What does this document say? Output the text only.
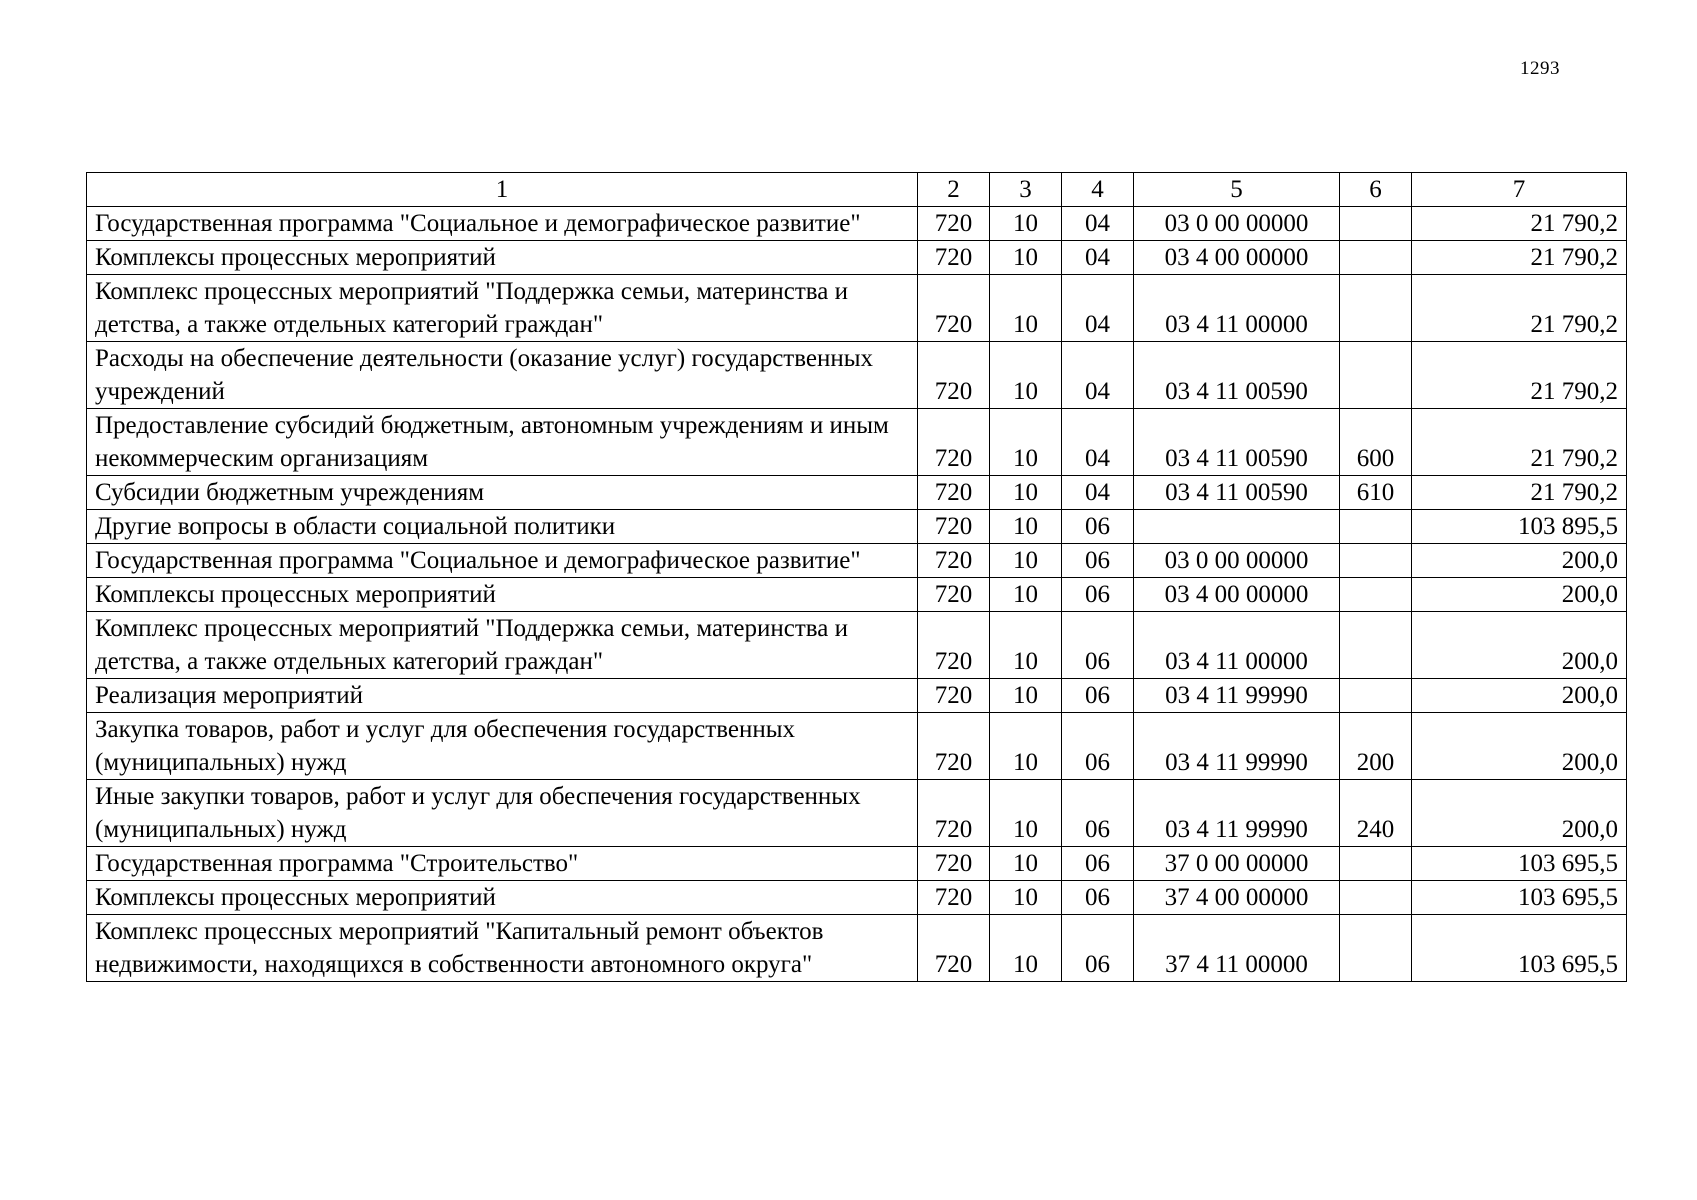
1293
1	2	3	4	5	6	7
Государственная программа "Социальное и демографическое развитие"	720	10	04	03 0 00 00000		21 790,2
Комплексы процессных мероприятий	720	10	04	03 4 00 00000		21 790,2
Комплекс процессных мероприятий "Поддержка семьи, материнства и детства, а также отдельных категорий граждан"	720	10	04	03 4 11 00000		21 790,2
Расходы на обеспечение деятельности (оказание услуг) государственных учреждений	720	10	04	03 4 11 00590		21 790,2
Предоставление субсидий бюджетным, автономным учреждениям и иным некоммерческим организациям	720	10	04	03 4 11 00590	600	21 790,2
Субсидии бюджетным учреждениям	720	10	04	03 4 11 00590	610	21 790,2
Другие вопросы в области социальной политики	720	10	06			103 895,5
Государственная программа "Социальное и демографическое развитие"	720	10	06	03 0 00 00000		200,0
Комплексы процессных мероприятий	720	10	06	03 4 00 00000		200,0
Комплекс процессных мероприятий "Поддержка семьи, материнства и детства, а также отдельных категорий граждан"	720	10	06	03 4 11 00000		200,0
Реализация мероприятий	720	10	06	03 4 11 99990		200,0
Закупка товаров, работ и услуг для обеспечения государственных (муниципальных) нужд	720	10	06	03 4 11 99990	200	200,0
Иные закупки товаров, работ и услуг для обеспечения государственных (муниципальных) нужд	720	10	06	03 4 11 99990	240	200,0
Государственная программа "Строительство"	720	10	06	37 0 00 00000		103 695,5
Комплексы процессных мероприятий	720	10	06	37 4 00 00000		103 695,5
Комплекс процессных мероприятий "Капитальный ремонт объектов недвижимости, находящихся в собственности автономного округа"	720	10	06	37 4 11 00000		103 695,5
